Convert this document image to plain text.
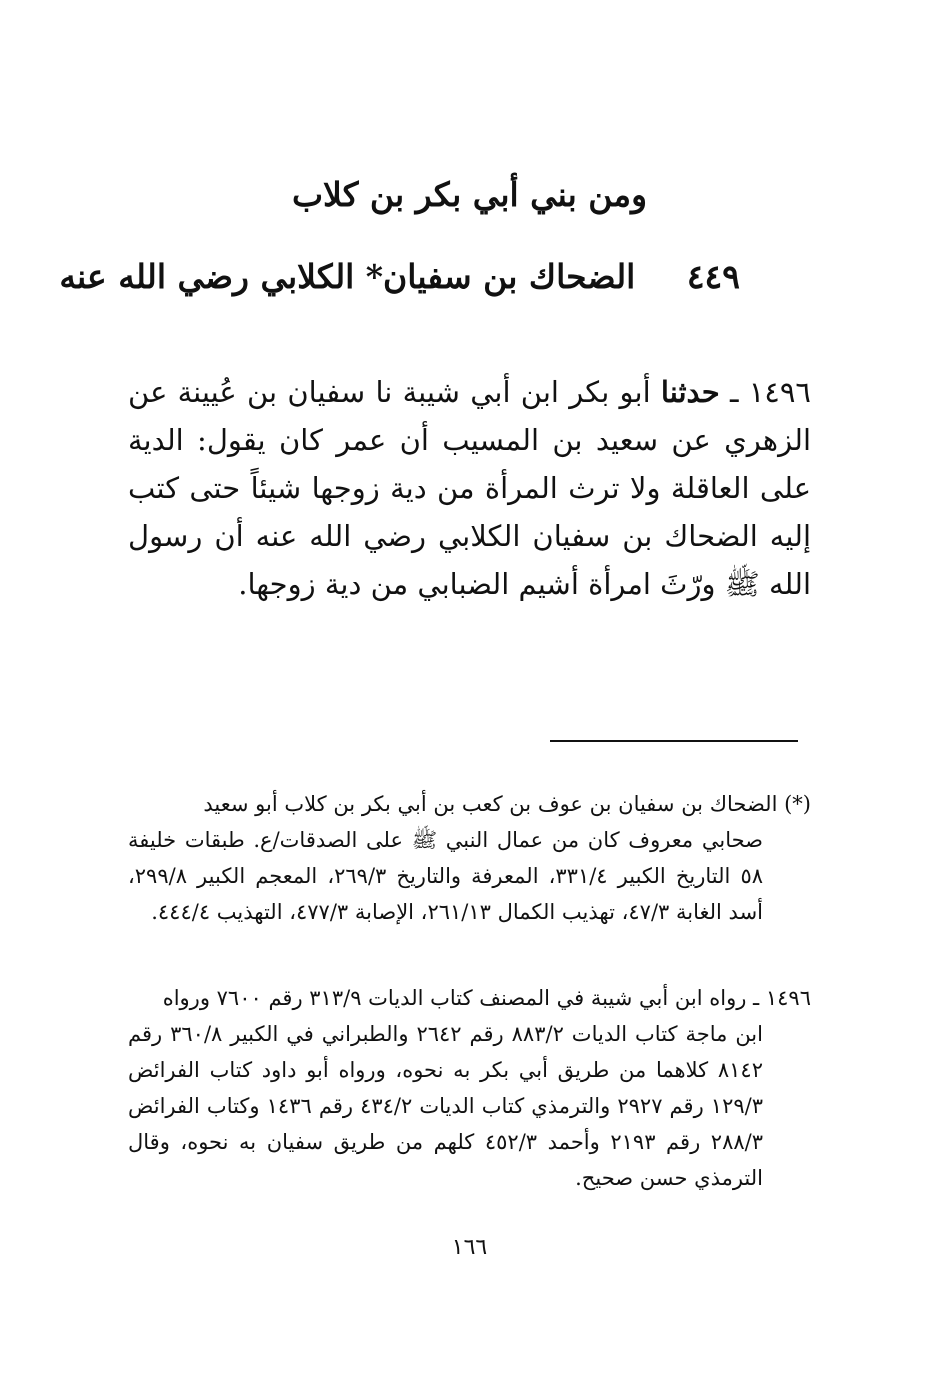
ومن بني أبي بكر بن كلاب
٤٤٩ الضحاك بن سفيان* الكلابي رضي الله عنه
١٤٩٦ ـ حدثنا أبو بكر ابن أبي شيبة نا سفيان بن عُيينة عن الزهري عن سعيد بن المسيب أن عمر كان يقول: الدية على العاقلة ولا ترث المرأة من دية زوجها شيئاً حتى كتب إليه الضحاك بن سفيان الكلابي رضي الله عنه أن رسول الله ﷺ ورّثَ امرأة أشيم الضبابي من دية زوجها.
(*) الضحاك بن سفيان بن عوف بن كعب بن أبي بكر بن كلاب أبو سعيد
صحابي معروف كان من عمال النبي ﷺ على الصدقات/ع. طبقات خليفة ٥٨ التاريخ الكبير ٣٣١/٤، المعرفة والتاريخ ٢٦٩/٣، المعجم الكبير ٢٩٩/٨، أسد الغابة ٤٧/٣، تهذيب الكمال ٢٦١/١٣، الإصابة ٤٧٧/٣، التهذيب ٤٤٤/٤.
١٤٩٦ ـ رواه ابن أبي شيبة في المصنف كتاب الديات ٣١٣/٩ رقم ٧٦٠٠ ورواه
ابن ماجة كتاب الديات ٨٨٣/٢ رقم ٢٦٤٢ والطبراني في الكبير ٣٦٠/٨ رقم ٨١٤٢ كلاهما من طريق أبي بكر به نحوه، ورواه أبو داود كتاب الفرائض ١٢٩/٣ رقم ٢٩٢٧ والترمذي كتاب الديات ٤٣٤/٢ رقم ١٤٣٦ وكتاب الفرائض ٢٨٨/٣ رقم ٢١٩٣ وأحمد ٤٥٢/٣ كلهم من طريق سفيان به نحوه، وقال الترمذي حسن صحيح.
١٦٦
